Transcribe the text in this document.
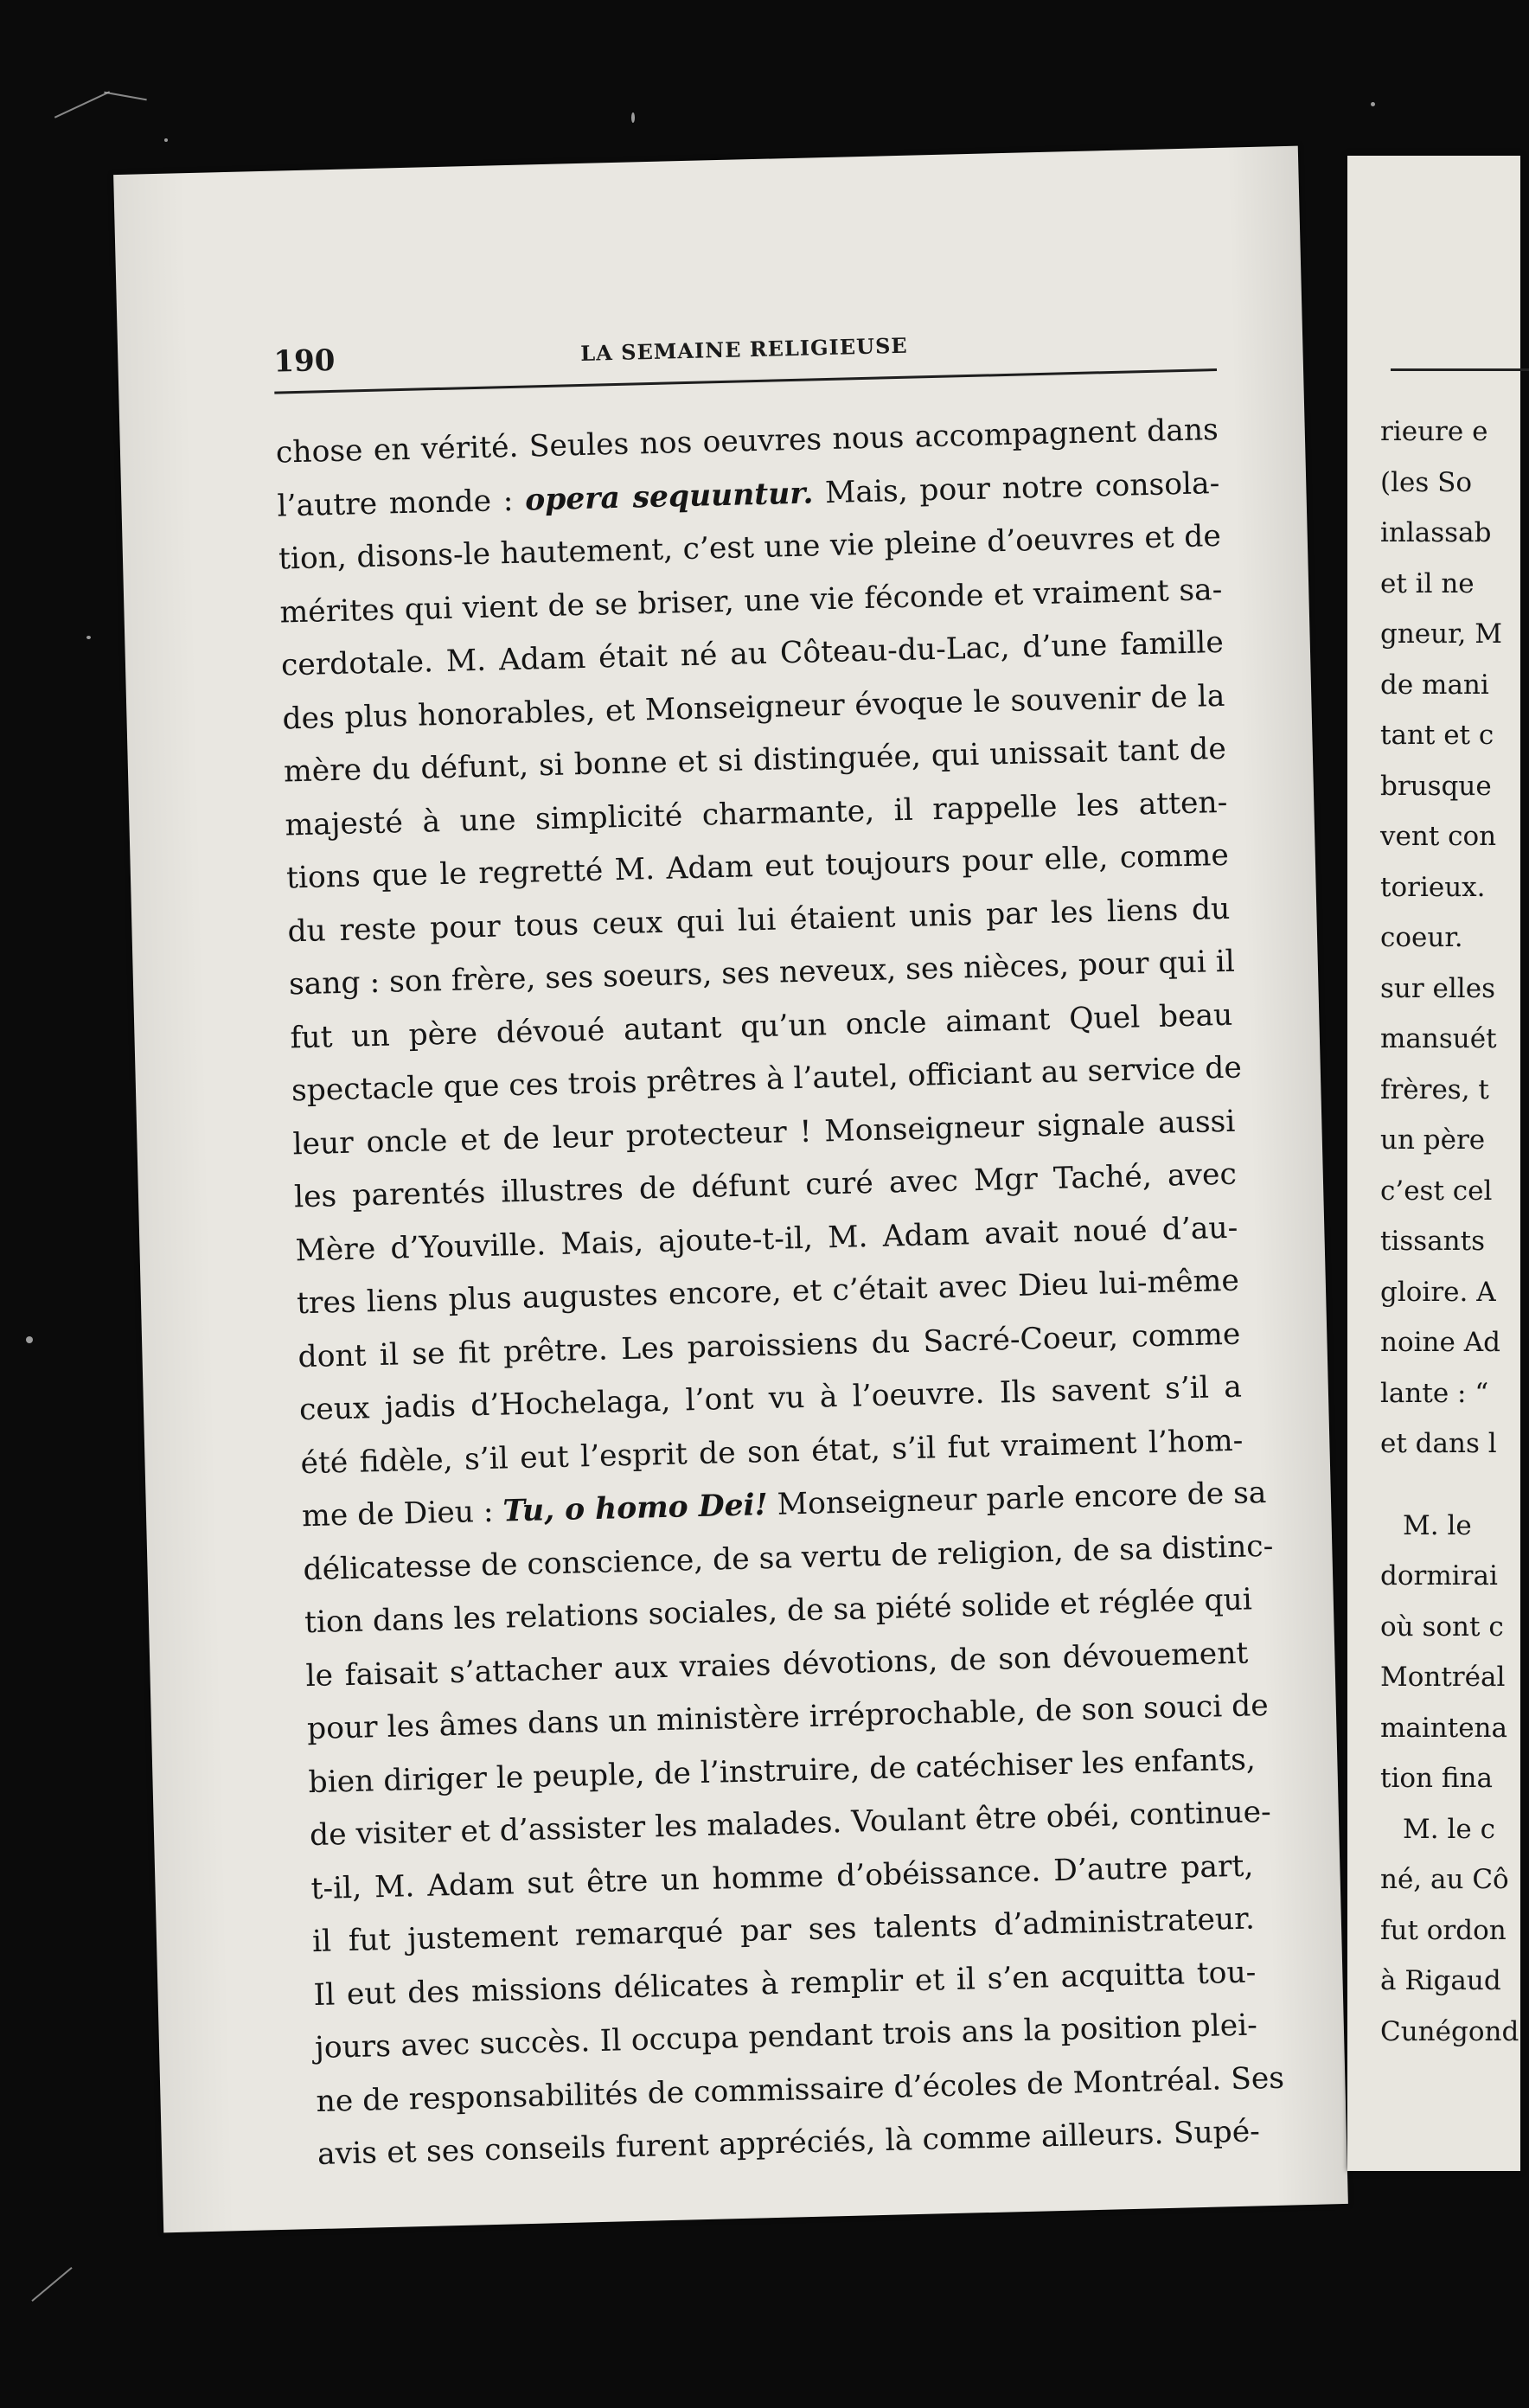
190	LA SEMAINE RELIGIEUSE
chose en vérité. Seules nos oeuvres nous accompagnent dans
l’autre monde : opera sequuntur. Mais, pour notre consola-
tion, disons-le hautement, c’est une vie pleine d’oeuvres et de
mérites qui vient de se briser, une vie féconde et vraiment sa-
cerdotale. M. Adam était né au Côteau-du-Lac, d’une famille
des plus honorables, et Monseigneur évoque le souvenir de la
mère du défunt, si bonne et si distinguée, qui unissait tant de
majesté à une simplicité charmante, il rappelle les atten-
tions que le regretté M. Adam eut toujours pour elle, comme
du reste pour tous ceux qui lui étaient unis par les liens du
sang : son frère, ses soeurs, ses neveux, ses nièces, pour qui il
fut un père dévoué autant qu’un oncle aimant Quel beau
spectacle que ces trois prêtres à l’autel, officiant au service de
leur oncle et de leur protecteur ! Monseigneur signale aussi
les parentés illustres de défunt curé avec Mgr Taché, avec
Mère d’Youville. Mais, ajoute-t-il, M. Adam avait noué d’au-
tres liens plus augustes encore, et c’était avec Dieu lui-même
dont il se fit prêtre. Les paroissiens du Sacré-Coeur, comme
ceux jadis d’Hochelaga, l’ont vu à l’oeuvre. Ils savent s’il a
été fidèle, s’il eut l’esprit de son état, s’il fut vraiment l’hom-
me de Dieu : Tu, o homo Dei! Monseigneur parle encore de sa
délicatesse de conscience, de sa vertu de religion, de sa distinc-
tion dans les relations sociales, de sa piété solide et réglée qui
le faisait s’attacher aux vraies dévotions, de son dévouement
pour les âmes dans un ministère irréprochable, de son souci de
bien diriger le peuple, de l’instruire, de catéchiser les enfants,
de visiter et d’assister les malades. Voulant être obéi, continue-
t-il, M. Adam sut être un homme d’obéissance. D’autre part,
il fut justement remarqué par ses talents d’administrateur.
Il eut des missions délicates à remplir et il s’en acquitta tou-
jours avec succès. Il occupa pendant trois ans la position plei-
ne de responsabilités de commissaire d’écoles de Montréal. Ses
avis et ses conseils furent appréciés, là comme ailleurs. Supé-
rieure e
(les So
inlassab
et il ne
gneur, M
de mani
tant et c
brusque
vent con
torieux.
coeur.
sur elles
mansuét
frères, t
un père
c’est cel
tissants
gloire. A
noine Ad
lante : “
et dans l
M. le
dormirai
où sont c
Montréal
maintena
tion fina
M. le c
né, au Cô
fut ordon
à Rigaud
Cunégond
